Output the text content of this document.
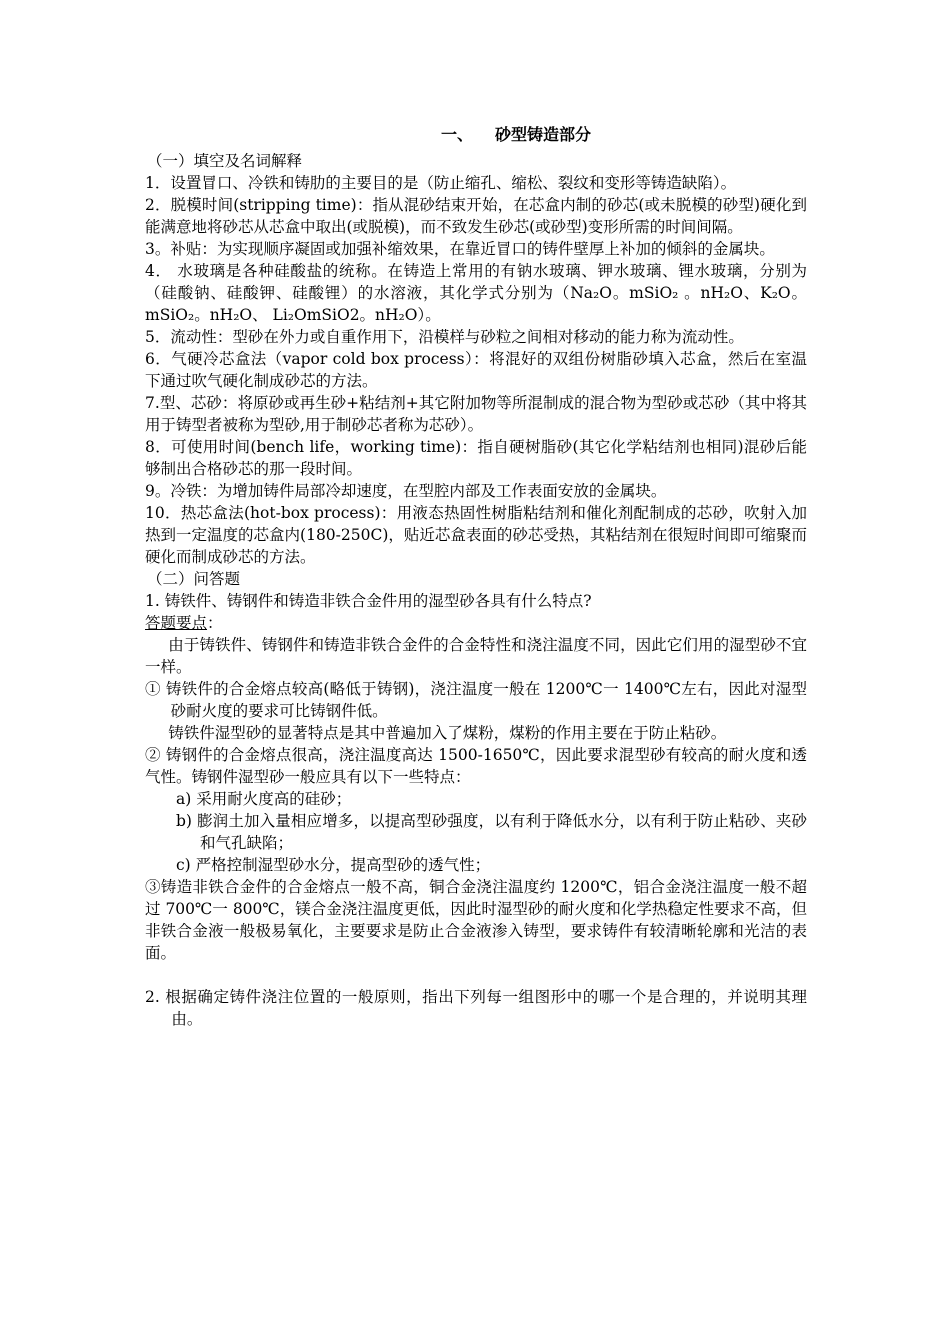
一、 砂型铸造部分

（一）填空及名词解释

1．设置冒口、冷铁和铸肋的主要目的是（防止缩孔、缩松、裂纹和变形等铸造缺陷）。

2．脱模时间(stripping time)：指从混砂结束开始，在芯盒内制的砂芯(或未脱模的砂型)硬化到能满意地将砂芯从芯盒中取出(或脱模)，而不致发生砂芯(或砂型)变形所需的时间间隔。

3。补贴：为实现顺序凝固或加强补缩效果，在靠近冒口的铸件壁厚上补加的倾斜的金属块。

4． 水玻璃是各种硅酸盐的统称。在铸造上常用的有钠水玻璃、钾水玻璃、锂水玻璃，分别为（硅酸钠、硅酸钾、硅酸锂）的水溶液，其化学式分别为（Na₂O。mSiO₂ 。nH₂O、K₂O。mSiO₂。nH₂O、 Li₂OmSiO2。nH₂O）。

5．流动性：型砂在外力或自重作用下，沿模样与砂粒之间相对移动的能力称为流动性。

6．气硬冷芯盒法（vapor cold box process）：将混好的双组份树脂砂填入芯盒，然后在室温下通过吹气硬化制成砂芯的方法。

7.型、芯砂：将原砂或再生砂+粘结剂+其它附加物等所混制成的混合物为型砂或芯砂（其中将其用于铸型者被称为型砂,用于制砂芯者称为芯砂）。

8．可使用时间(bench life，working time)：指自硬树脂砂(其它化学粘结剂也相同)混砂后能够制出合格砂芯的那一段时间。

9。冷铁：为增加铸件局部冷却速度，在型腔内部及工作表面安放的金属块。

10．热芯盒法(hot-box process)：用液态热固性树脂粘结剂和催化剂配制成的芯砂，吹射入加热到一定温度的芯盒内(180-250C)，贴近芯盒表面的砂芯受热，其粘结剂在很短时间即可缩聚而硬化而制成砂芯的方法。

（二）问答题

1. 铸铁件、铸钢件和铸造非铁合金件用的湿型砂各具有什么特点?

答题要点：

由于铸铁件、铸钢件和铸造非铁合金件的合金特性和浇注温度不同，因此它们用的湿型砂不宜一样。

① 铸铁件的合金熔点较高(略低于铸钢)，浇注温度一般在 1200℃一 1400℃左右，因此对湿型砂耐火度的要求可比铸钢件低。

铸铁件湿型砂的显著特点是其中普遍加入了煤粉，煤粉的作用主要在于防止粘砂。

② 铸钢件的合金熔点很高，浇注温度高达 1500-1650℃，因此要求混型砂有较高的耐火度和透气性。铸钢件湿型砂一般应具有以下一些特点：

a) 采用耐火度高的硅砂；

b) 膨润土加入量相应增多，以提高型砂强度，以有利于降低水分，以有利于防止粘砂、夹砂和气孔缺陷；

c) 严格控制湿型砂水分，提高型砂的透气性；

③铸造非铁合金件的合金熔点一般不高，铜合金浇注温度约 1200℃，铝合金浇注温度一般不超过 700℃一 800℃，镁合金浇注温度更低，因此时湿型砂的耐火度和化学热稳定性要求不高，但非铁合金液一般极易氧化，主要要求是防止合金液渗入铸型，要求铸件有较清晰轮廓和光洁的表面。

2. 根据确定铸件浇注位置的一般原则，指出下列每一组图形中的哪一个是合理的，并说明其理由。
